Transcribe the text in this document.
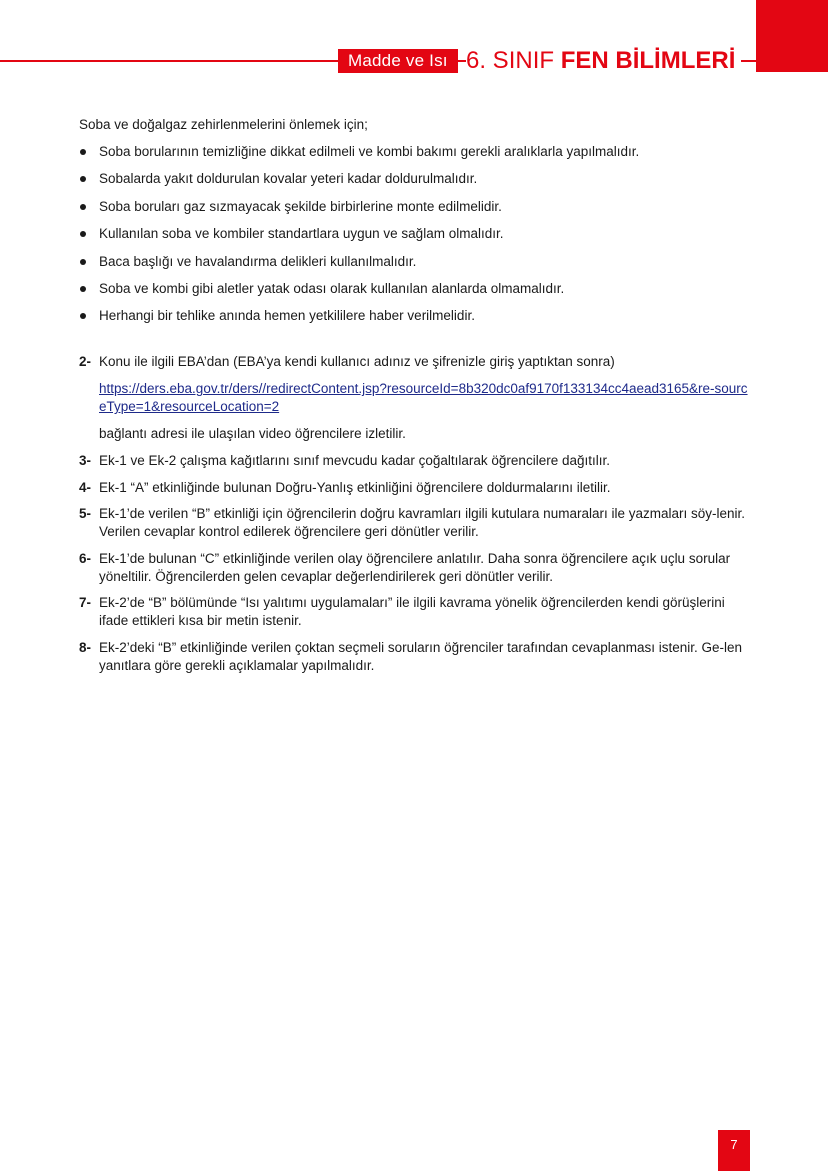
Madde ve Isı 6. SINIF FEN BİLİMLERİ

Soba ve doğalgaz zehirlenmelerini önlemek için;

Soba borularının temizliğine dikkat edilmeli ve kombi bakımı gerekli aralıklarla yapılmalıdır.
Sobalarda yakıt doldurulan kovalar yeteri kadar doldurulmalıdır.
Soba boruları gaz sızmayacak şekilde birbirlerine monte edilmelidir.
Kullanılan soba ve kombiler standartlara uygun ve sağlam olmalıdır.
Baca başlığı ve havalandırma delikleri kullanılmalıdır.
Soba ve kombi gibi aletler yatak odası olarak kullanılan alanlarda olmamalıdır.
Herhangi bir tehlike anında hemen yetkililere haber verilmelidir.
2- Konu ile ilgili EBA’dan (EBA’ya kendi kullanıcı adınız ve şifrenizle giriş yaptıktan sonra)
https://ders.eba.gov.tr/ders//redirectContent.jsp?resourceId=8b320dc0af9170f133134cc4aead3165&re-sourceType=1&resourceLocation=2
bağlantı adresi ile ulaşılan video öğrencilere izletilir.
3- Ek-1 ve Ek-2 çalışma kağıtlarını sınıf mevcudu kadar çoğaltılarak öğrencilere dağıtılır.
4- Ek-1 “A” etkinliğinde bulunan Doğru-Yanlış etkinliğini öğrencilere doldurmalarını iletilir.
5- Ek-1’de verilen “B” etkinliği için öğrencilerin doğru kavramları ilgili kutulara numaraları ile yazmaları söy-lenir. Verilen cevaplar kontrol edilerek öğrencilere geri dönütler verilir.
6- Ek-1’de bulunan “C” etkinliğinde verilen olay öğrencilere anlatılır. Daha sonra öğrencilere açık uçlu sorular yöneltilir. Öğrencilerden gelen cevaplar değerlendirilerek geri dönütler verilir.
7- Ek-2’de “B” bölümünde “Isı yalıtımı uygulamaları” ile ilgili kavrama yönelik öğrencilerden kendi görüşlerini ifade ettikleri kısa bir metin istenir.
8- Ek-2’deki “B” etkinliğinde verilen çoktan seçmeli soruların öğrenciler tarafından cevaplanması istenir. Ge-len yanıtlara göre gerekli açıklamalar yapılmalıdır.
7
